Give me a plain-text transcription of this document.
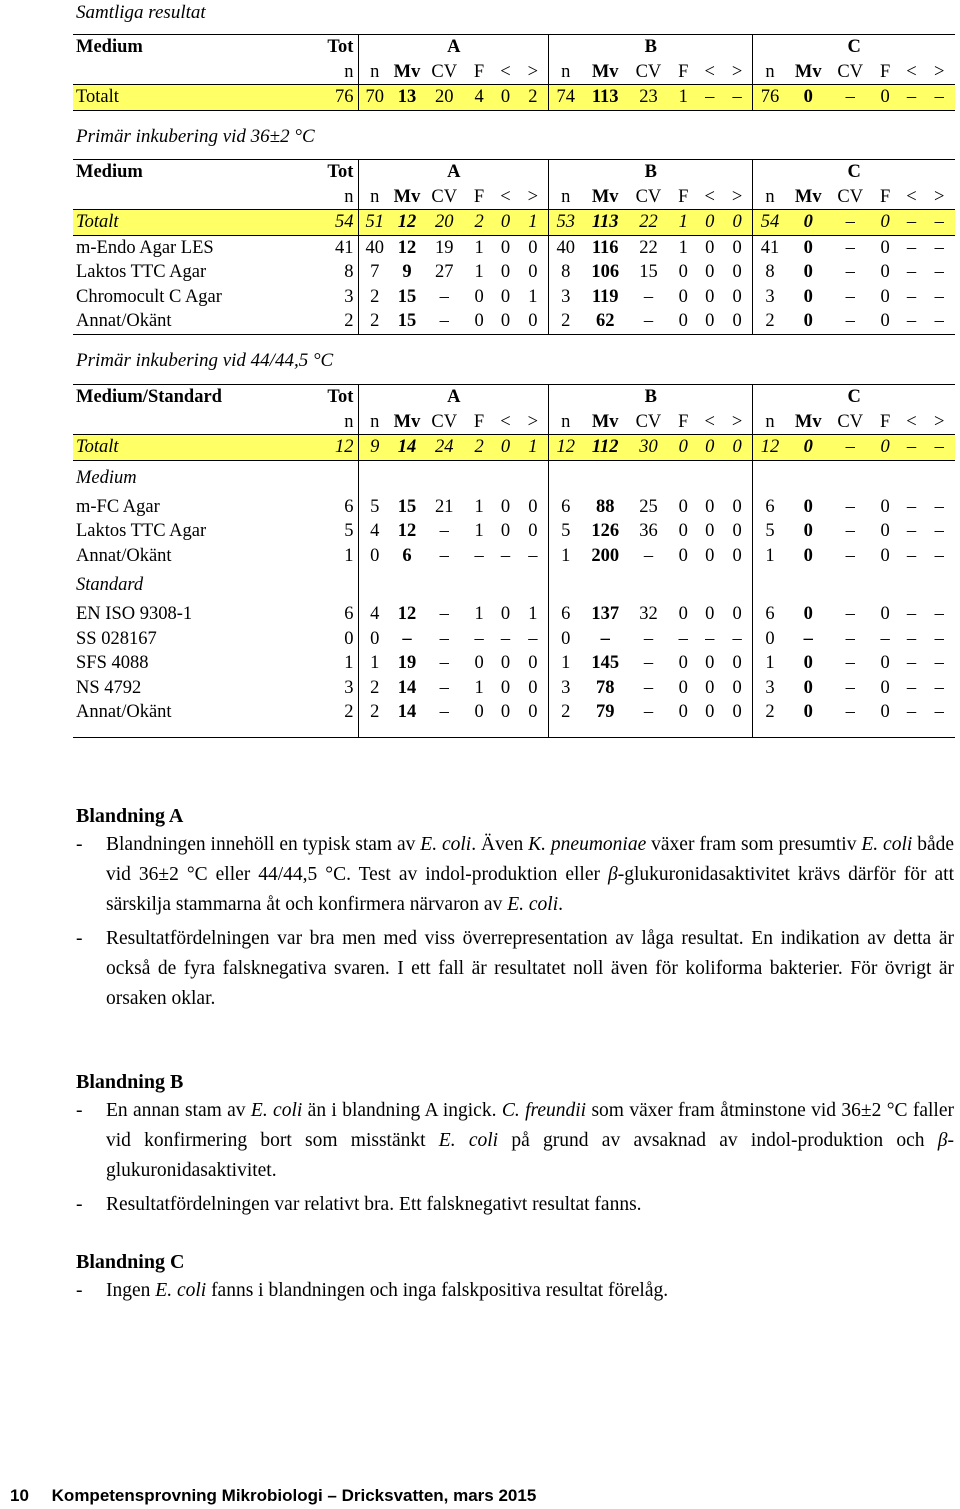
Samtliga resultat
Medium	Tot	A						B						C					
	n	n	Mv	CV	F	<	>	n	Mv	CV	F	<	>	n	Mv	CV	F	<	>
Totalt	76	70	13	20	4	0	2	74	113	23	1	–	–	76	0	–	0	–	–
Primär inkubering vid 36±2 °C
Medium	Tot	A						B						C					
	n	n	Mv	CV	F	<	>	n	Mv	CV	F	<	>	n	Mv	CV	F	<	>
Totalt	54	51	12	20	2	0	1	53	113	22	1	0	0	54	0	–	0	–	–
m-Endo Agar LES	41	40	12	19	1	0	0	40	116	22	1	0	0	41	0	–	0	–	–
Laktos TTC Agar	8	7	9	27	1	0	0	8	106	15	0	0	0	8	0	–	0	–	–
Chromocult C Agar	3	2	15	–	0	0	1	3	119	–	0	0	0	3	0	–	0	–	–
Annat/Okänt	2	2	15	–	0	0	0	2	62	–	0	0	0	2	0	–	0	–	–
Primär inkubering vid 44/44,5 °C
Medium/Standard	Tot	A						B						C					
	n	n	Mv	CV	F	<	>	n	Mv	CV	F	<	>	n	Mv	CV	F	<	>
Totalt	12	9	14	24	2	0	1	12	112	30	0	0	0	12	0	–	0	–	–
Medium																			
m-FC Agar	6	5	15	21	1	0	0	6	88	25	0	0	0	6	0	–	0	–	–
Laktos TTC Agar	5	4	12	–	1	0	0	5	126	36	0	0	0	5	0	–	0	–	–
Annat/Okänt	1	0	6	–	–	–	–	1	200	–	0	0	0	1	0	–	0	–	–
Standard																			
EN ISO 9308-1	6	4	12	–	1	0	1	6	137	32	0	0	0	6	0	–	0	–	–
SS 028167	0	0	–	–	–	–	–	0	–	–	–	–	–	0	–	–	–	–	–
SFS 4088	1	1	19	–	0	0	0	1	145	–	0	0	0	1	0	–	0	–	–
NS 4792	3	2	14	–	1	0	0	3	78	–	0	0	0	3	0	–	0	–	–
Annat/Okänt	2	2	14	–	0	0	0	2	79	–	0	0	0	2	0	–	0	–	–

Blandning A
- Blandningen innehöll en typisk stam av E. coli. Även K. pneumoniae växer fram som presumtiv E. coli både vid 36±2 °C eller 44/44,5 °C. Test av indol-produktion eller β-glukuronidasaktivitet krävs därför för att särskilja stammarna åt och konfirmera närvaron av E. coli.
- Resultatfördelningen var bra men med viss överrepresentation av låga resultat. En indikation av detta är också de fyra falsknegativa svaren. I ett fall är resultatet noll även för koliforma bakterier. För övrigt är orsaken oklar.
Blandning B
- En annan stam av E. coli än i blandning A ingick. C. freundii som växer fram åtminstone vid 36±2 °C faller vid konfirmering bort som misstänkt E. coli på grund av avsaknad av indol-produktion och β-glukuronidasaktivitet.
- Resultatfördelningen var relativt bra. Ett falsknegativt resultat fanns.
Blandning C
- Ingen E. coli fanns i blandningen och inga falskpositiva resultat förelåg.
10 Kompetensprovning Mikrobiologi – Dricksvatten, mars 2015
